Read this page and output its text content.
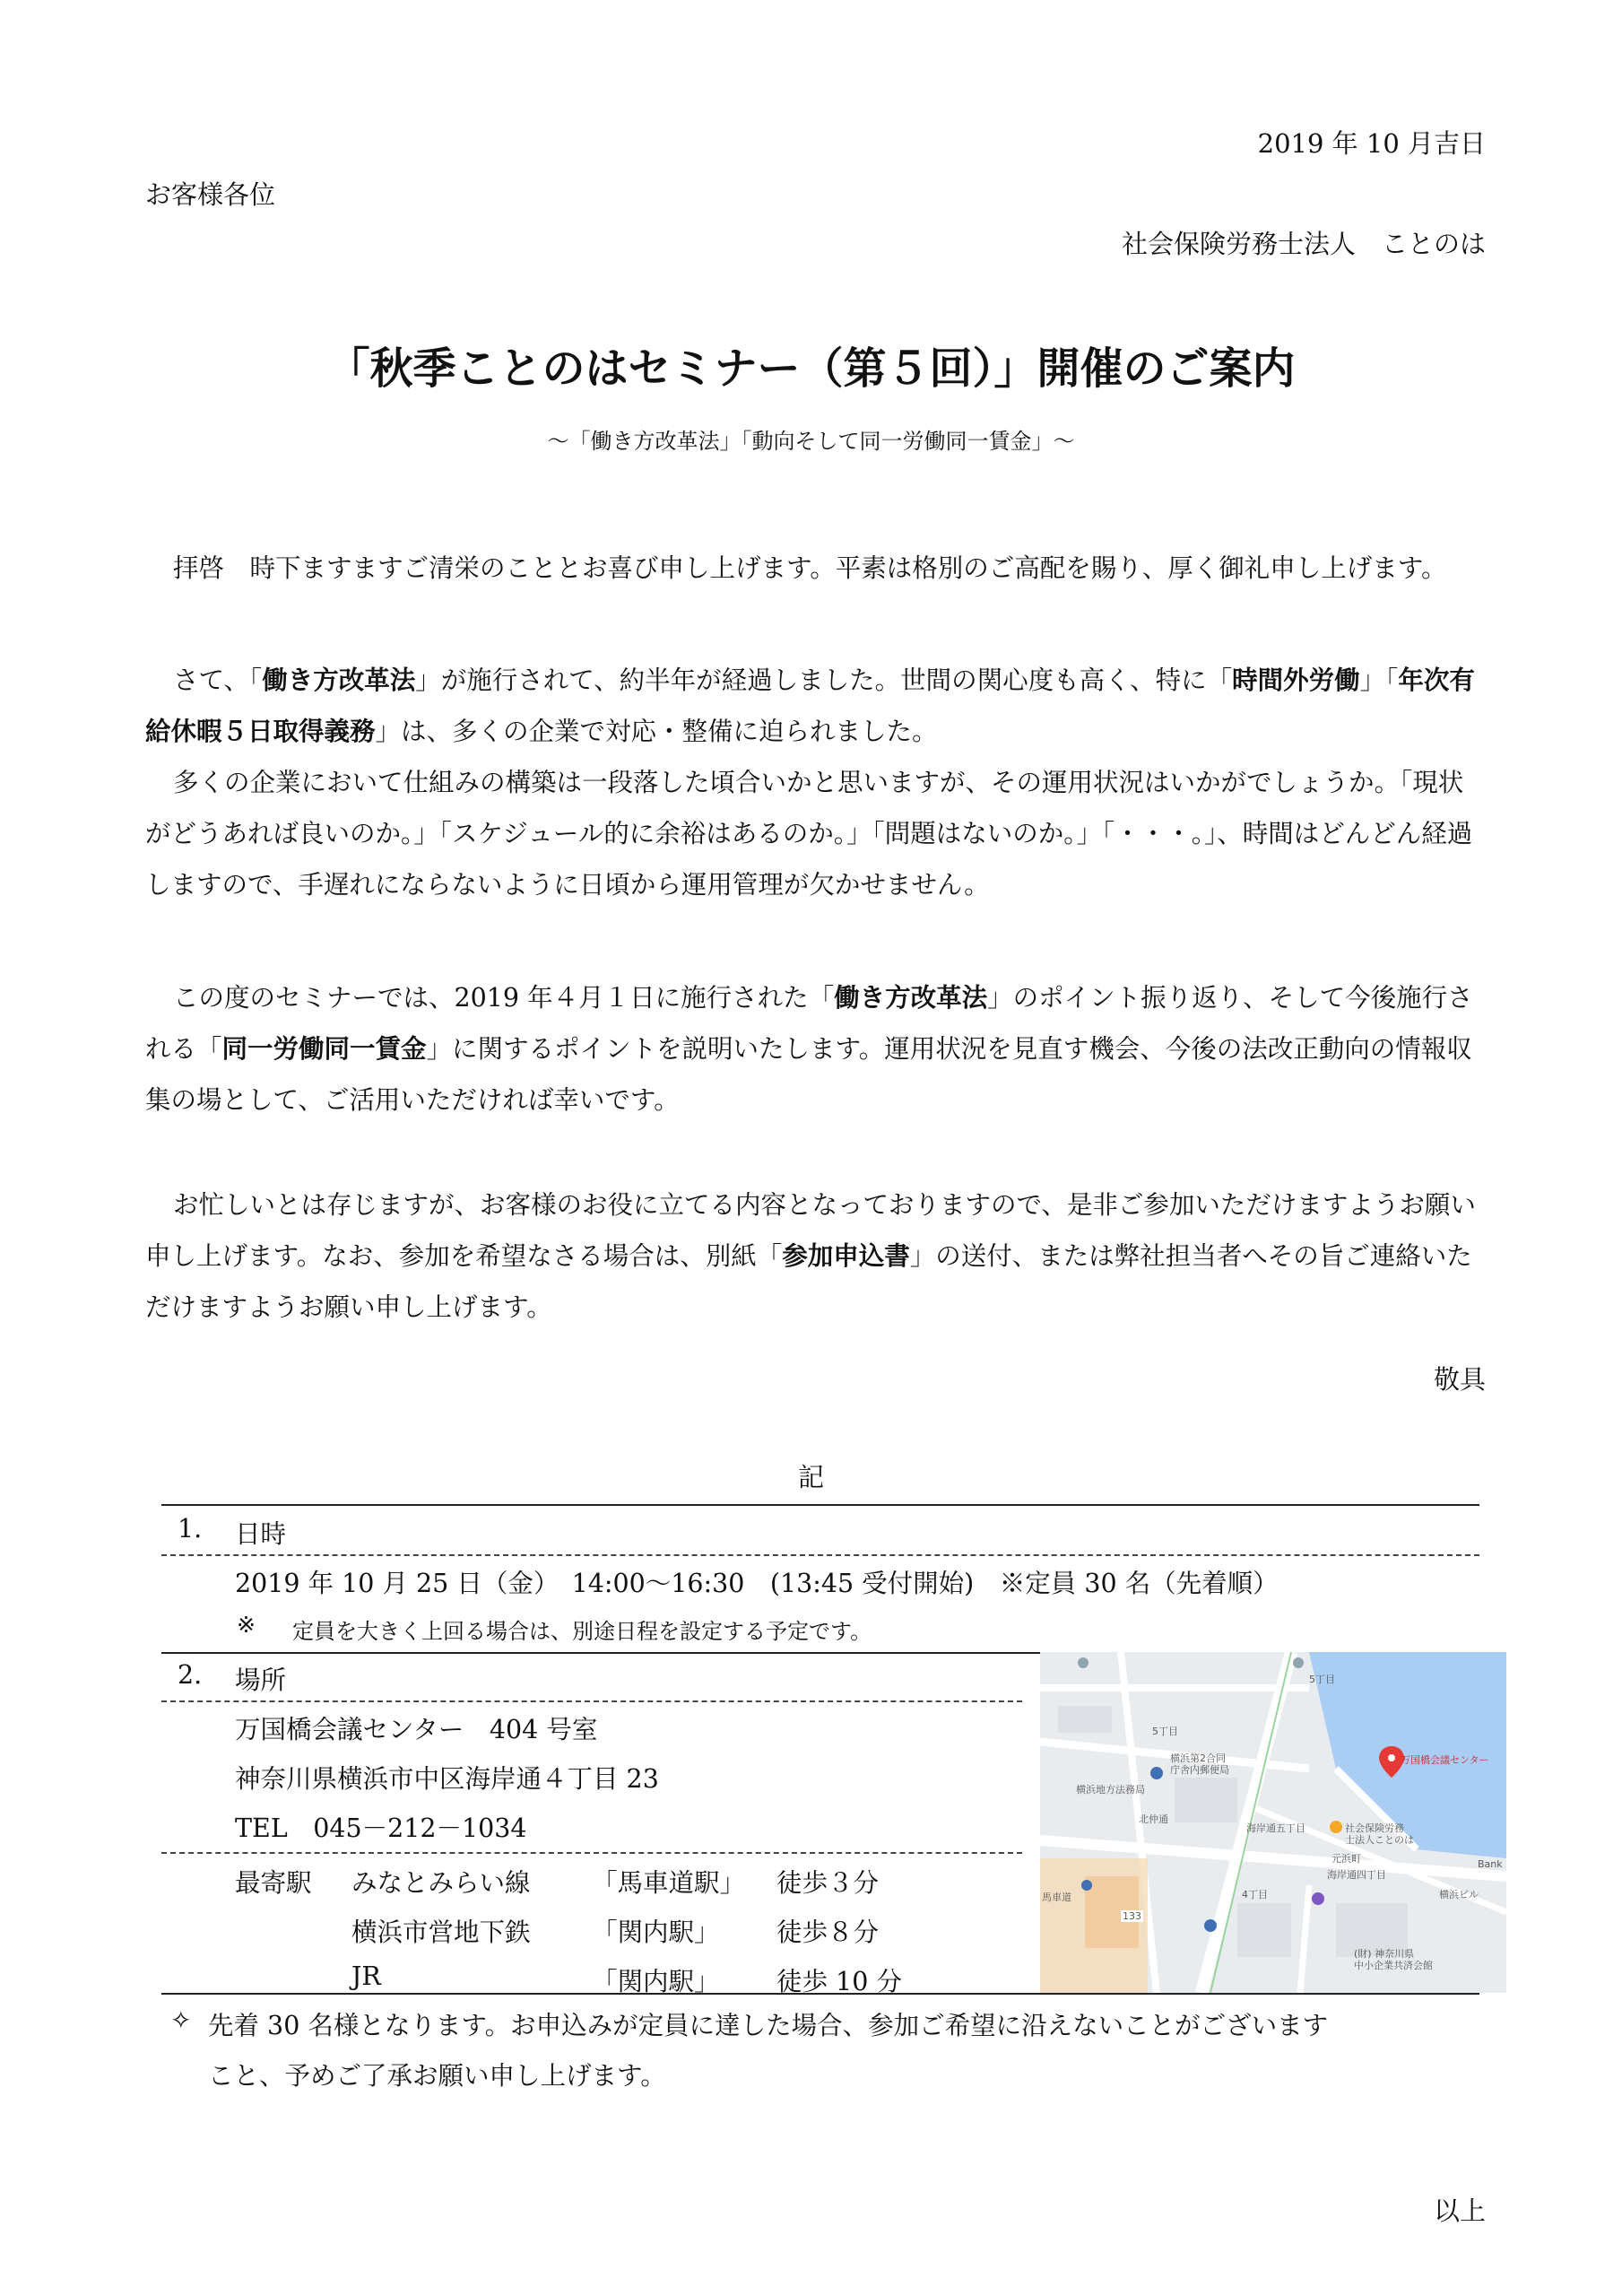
2019 年 10 月吉日
お客様各位
社会保険労務士法人　ことのは
「秋季ことのはセミナー（第５回）」開催のご案内
～「働き方改革法」「動向そして同一労働同一賃金」～
拝啓　時下ますますご清栄のこととお喜び申し上げます。平素は格別のご高配を賜り、厚く御礼申し上げます。
さて、「働き方改革法」が施行されて、約半年が経過しました。世間の関心度も高く、特に「時間外労働」「年次有給休暇５日取得義務」は、多くの企業で対応・整備に迫られました。
多くの企業において仕組みの構築は一段落した頃合いかと思いますが、その運用状況はいかがでしょうか。「現状がどうあれば良いのか。」「スケジュール的に余裕はあるのか。」「問題はないのか。」「・・・。」、時間はどんどん経過しますので、手遅れにならないように日頃から運用管理が欠かせません。
この度のセミナーでは、2019 年４月１日に施行された「働き方改革法」のポイント振り返り、そして今後施行される「同一労働同一賃金」に関するポイントを説明いたします。運用状況を見直す機会、今後の法改正動向の情報収集の場として、ご活用いただければ幸いです。
お忙しいとは存じますが、お客様のお役に立てる内容となっておりますので、是非ご参加いただけますようお願い申し上げます。なお、参加を希望なさる場合は、別紙「参加申込書」の送付、または弊社担当者へその旨ご連絡いただけますようお願い申し上げます。
敬具
記
1. 日時
2019 年 10 月 25 日（金）　14:00～16:30　(13:45 受付開始)　※定員 30 名（先着順）
※ 定員を大きく上回る場合は、別途日程を設定する予定です。
2. 場所
万国橋会議センター　404 号室
神奈川県横浜市中区海岸通４丁目 23
TEL　045－212－1034
最寄駅 みなとみらい線 「馬車道駅」 徒歩３分
横浜市営地下鉄 「関内駅」 徒歩８分
JR	「関内駅」 徒歩 10 分
万国橋会議センター
社会保険労務
士法人ことのは
横浜第2合同
庁舎内郵便局
横浜地方法務局
北仲通
元浜町
馬車道
5丁目
5丁目
海岸通五丁目
海岸通四丁目
4丁目
(財) 神奈川県
中小企業共済会館
Bank
横浜ビル
133
✧ 先着 30 名様となります。お申込みが定員に達した場合、参加ご希望に沿えないことがございます
こと、予めご了承お願い申し上げます。
以上
